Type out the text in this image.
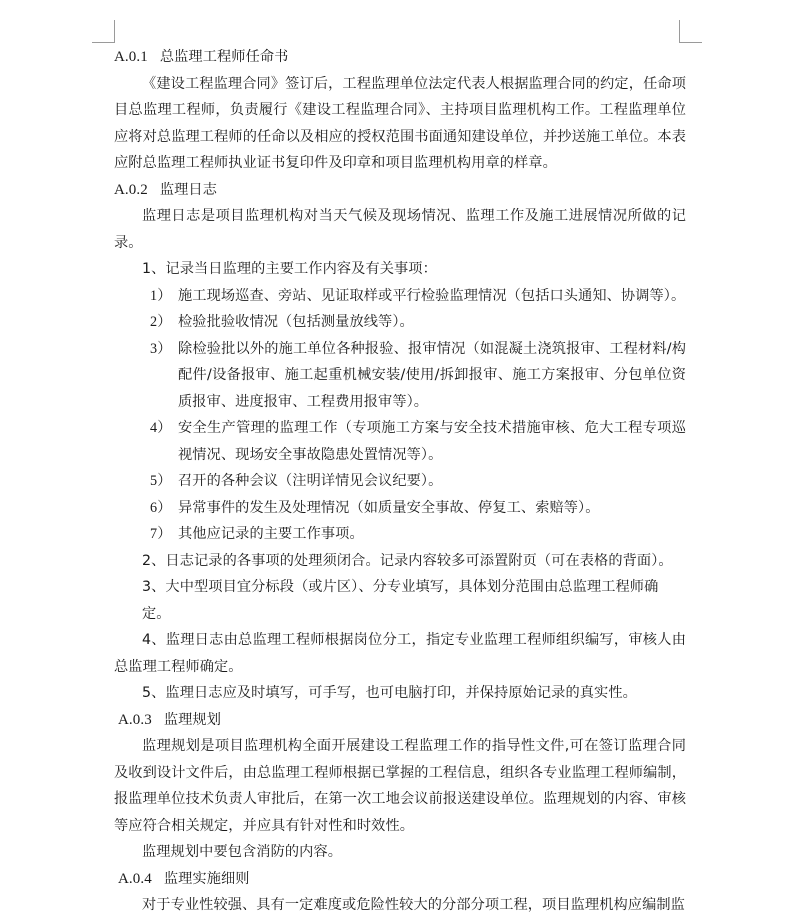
A.0.1 总监理工程师任命书

《建设工程监理合同》签订后，工程监理单位法定代表人根据监理合同的约定，任命项目总监理工程师，负责履行《建设工程监理合同》、主持项目监理机构工作。工程监理单位应将对总监理工程师的任命以及相应的授权范围书面通知建设单位，并抄送施工单位。本表应附总监理工程师执业证书复印件及印章和项目监理机构用章的样章。

A.0.2 监理日志

监理日志是项目监理机构对当天气候及现场情况、监理工作及施工进展情况所做的记录。

1、记录当日监理的主要工作内容及有关事项：

1） 施工现场巡查、旁站、见证取样或平行检验监理情况（包括口头通知、协调等）。
2） 检验批验收情况（包括测量放线等）。
3） 除检验批以外的施工单位各种报验、报审情况（如混凝土浇筑报审、工程材料/构配件/设备报审、施工起重机械安装/使用/拆卸报审、施工方案报审、分包单位资质报审、进度报审、工程费用报审等）。
4） 安全生产管理的监理工作（专项施工方案与安全技术措施审核、危大工程专项巡视情况、现场安全事故隐患处置情况等）。
5） 召开的各种会议（注明详情见会议纪要）。
6） 异常事件的发生及处理情况（如质量安全事故、停复工、索赔等）。
7） 其他应记录的主要工作事项。

2、日志记录的各事项的处理须闭合。记录内容较多可添置附页（可在表格的背面）。

3、大中型项目宜分标段（或片区）、分专业填写，具体划分范围由总监理工程师确定。

4、监理日志由总监理工程师根据岗位分工，指定专业监理工程师组织编写，审核人由总监理工程师确定。

5、监理日志应及时填写，可手写，也可电脑打印，并保持原始记录的真实性。

A.0.3 监理规划

监理规划是项目监理机构全面开展建设工程监理工作的指导性文件,可在签订监理合同及收到设计文件后，由总监理工程师根据已掌握的工程信息，组织各专业监理工程师编制，报监理单位技术负责人审批后，在第一次工地会议前报送建设单位。监理规划的内容、审核等应符合相关规定，并应具有针对性和时效性。

监理规划中要包含消防的内容。

A.0.4 监理实施细则

对于专业性较强、具有一定难度或危险性较大的分部分项工程，项目监理机构应编制监
